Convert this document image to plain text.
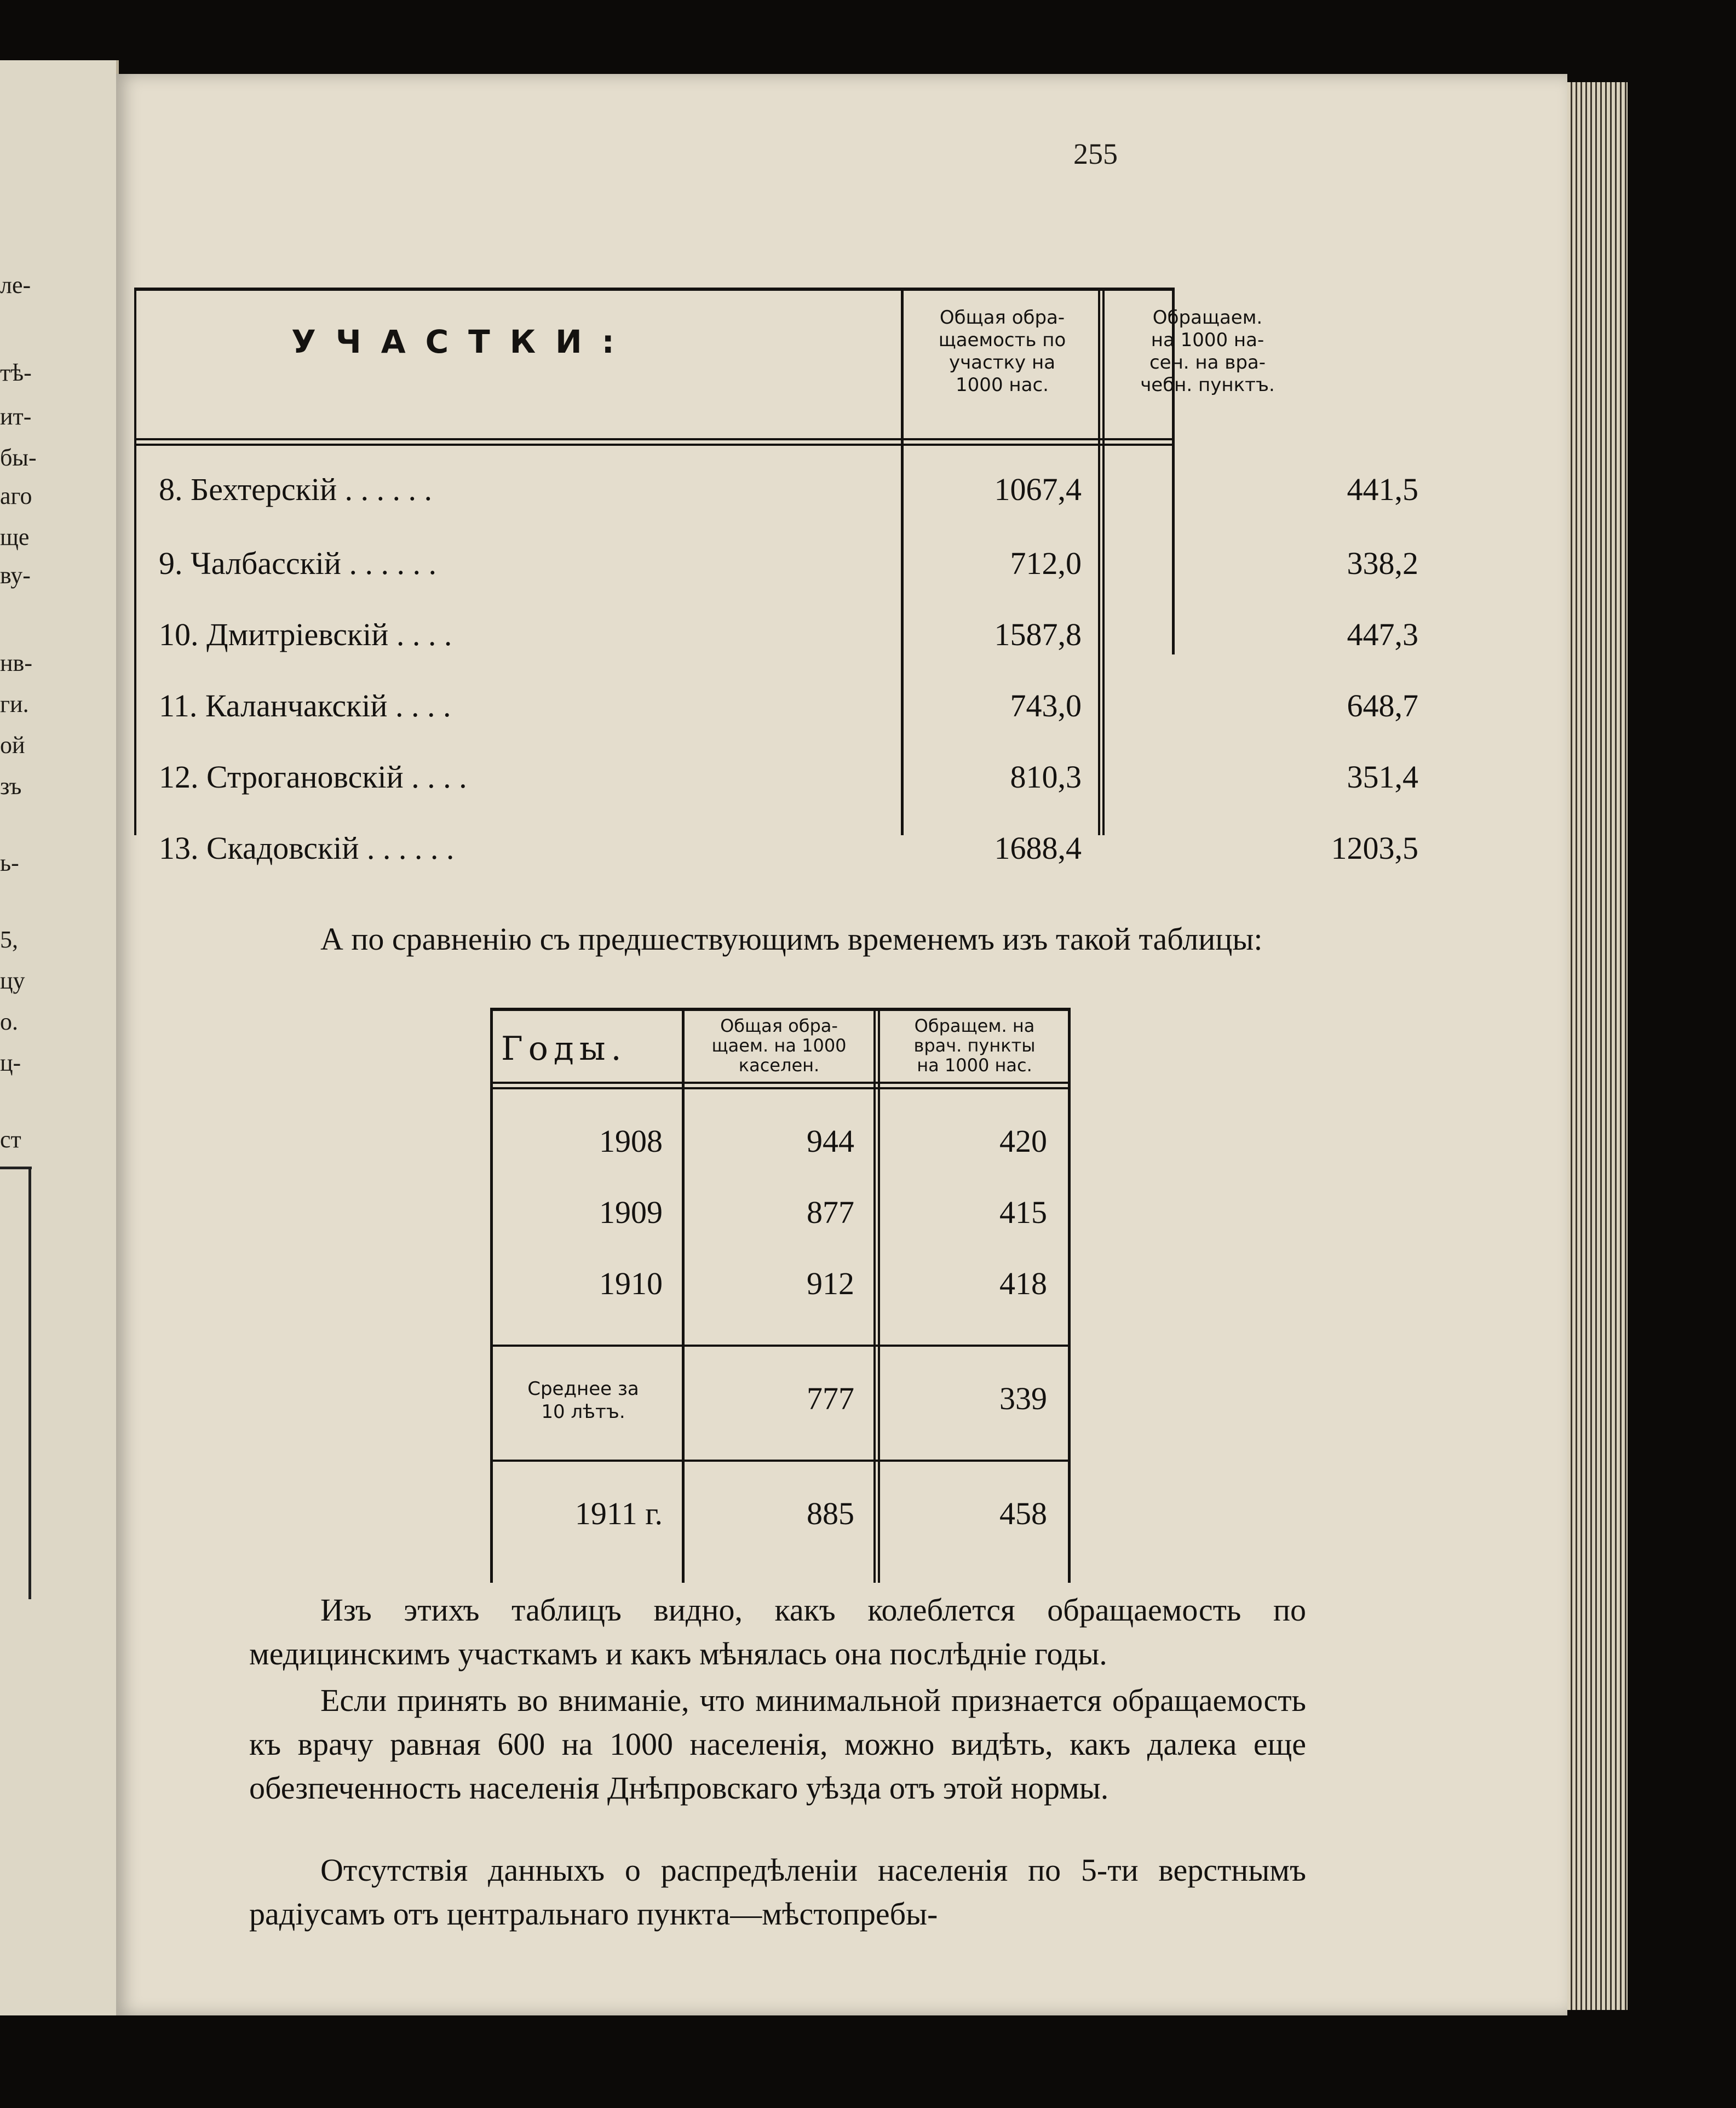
ле-
тѣ-
ит-
бы-
аго
ще
ву-
нв-
ги.
ой
зъ
ь-
5,
цу
о.
ц-
ст
255
УЧАСТКИ:
Общая обра-
щаемость по
участку на
1000 нас.
Обращаем.
на 1000 на-
сен. на вра-
чебн. пунктъ.
8. Бехтерскій . . . . . .	1067,4	441,5
9. Чалбасскій . . . . . .	712,0	338,2
10. Дмитріевскій . . . .	1587,8	447,3
11. Каланчакскій . . . .	743,0	648,7
12. Строгановскій . . . .	810,3	351,4
13. Скадовскій . . . . . .	1688,4	1203,5
А по сравненію съ предшествующимъ временемъ изъ такой таблицы:
Годы.
Общая обра-
щаем. на 1000
каселен.
Обращем. на
врач. пункты
на 1000 нас.
1908	944	420
1909	877	415
1910	912	418
Среднее за
10 лѣтъ.	777	339
1911 г.	885	458
Изъ этихъ таблицъ видно, какъ колеблется обращаемость по медицинскимъ участкамъ и какъ мѣнялась она послѣдніе годы.
Если принять во вниманіе, что минимальной признается обращаемость къ врачу равная 600 на 1000 населенія, можно видѣть, какъ далека еще обезпеченность населенія Днѣпровскаго уѣзда отъ этой нормы.
Отсутствія данныхъ о распредѣленіи населенія по 5-ти верстнымъ радіусамъ отъ центральнаго пункта—мѣстопребы-
